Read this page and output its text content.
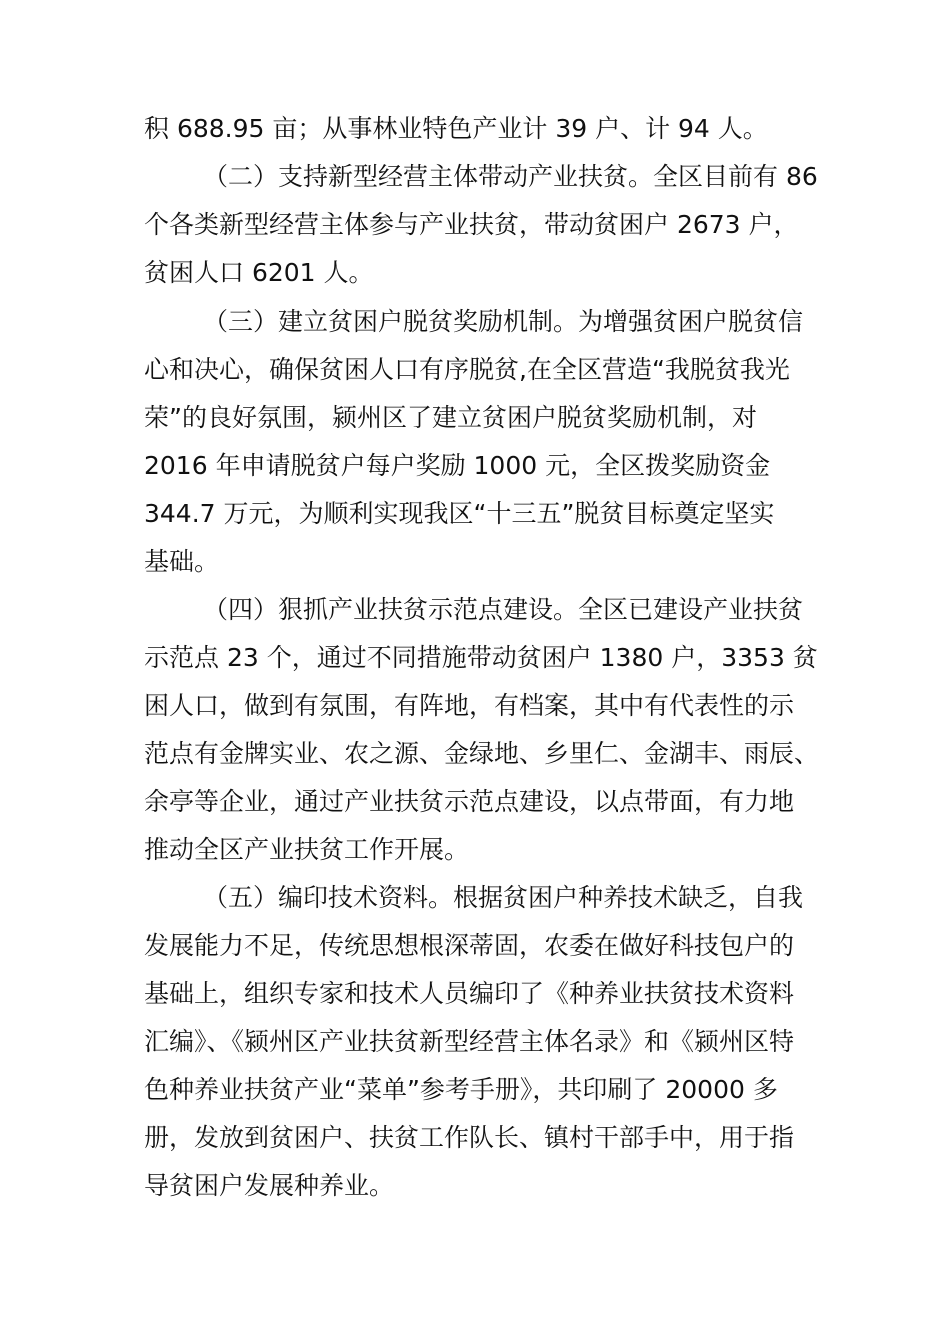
积 688.95 亩；从事林业特色产业计 39 户、计 94 人。
（二）支持新型经营主体带动产业扶贫。全区目前有 86
个各类新型经营主体参与产业扶贫，带动贫困户 2673 户，
贫困人口 6201 人。
（三）建立贫困户脱贫奖励机制。为增强贫困户脱贫信
心和决心，确保贫困人口有序脱贫,在全区营造“我脱贫我光
荣”的良好氛围，颍州区了建立贫困户脱贫奖励机制，对
2016 年申请脱贫户每户奖励 1000 元，全区拨奖励资金
344.7 万元，为顺利实现我区“十三五”脱贫目标奠定坚实
基础。
（四）狠抓产业扶贫示范点建设。全区已建设产业扶贫
示范点 23 个，通过不同措施带动贫困户 1380 户，3353 贫
困人口，做到有氛围，有阵地，有档案，其中有代表性的示
范点有金牌实业、农之源、金绿地、乡里仁、金湖丰、雨辰、
余亭等企业，通过产业扶贫示范点建设，以点带面，有力地
推动全区产业扶贫工作开展。
（五）编印技术资料。根据贫困户种养技术缺乏，自我
发展能力不足，传统思想根深蒂固，农委在做好科技包户的
基础上，组织专家和技术人员编印了《种养业扶贫技术资料
汇编》、《颍州区产业扶贫新型经营主体名录》和《颍州区特
色种养业扶贫产业“菜单”参考手册》，共印刷了 20000 多
册，发放到贫困户、扶贫工作队长、镇村干部手中，用于指
导贫困户发展种养业。
